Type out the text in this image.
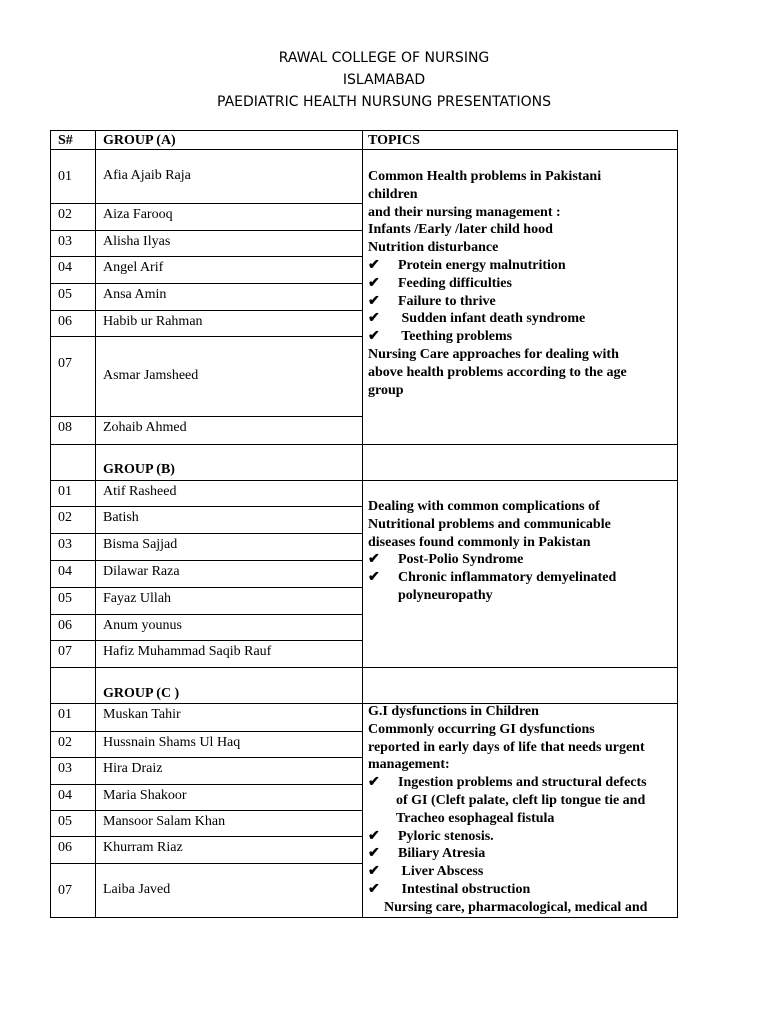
RAWAL COLLEGE OF NURSING
ISLAMABAD
PAEDIATRIC HEALTH NURSUNG PRESENTATIONS
S# GROUP (A)	TOPICS
GROUP (B)
GROUP (C )
Common Health problems in Pakistani
children
and their nursing management :
Infants /Early /later child hood
Nutrition disturbance
✔ Protein energy malnutrition
✔ Feeding difficulties
✔ Failure to thrive
✔ Sudden infant death syndrome
✔ Teething problems
Nursing Care approaches for dealing with
above health problems according to the age
group
Dealing with common complications of
Nutritional problems and communicable
diseases found commonly in Pakistan
✔ Post-Polio Syndrome
✔ Chronic inflammatory demyelinated
polyneuropathy
G.I dysfunctions in Children
Commonly occurring GI dysfunctions
reported in early days of life that needs urgent
management:
✔ Ingestion problems and structural defects
of GI (Cleft palate, cleft lip tongue tie and
Tracheo esophageal fistula
✔ Pyloric stenosis.
✔ Biliary Atresia
✔ Liver Abscess
✔ Intestinal obstruction
Nursing care, pharmacological, medical and
01 Afia Ajaib Raja
02 Aiza Farooq
03 Alisha Ilyas
04 Angel Arif
05 Ansa Amin
06 Habib ur Rahman
07
Asmar Jamsheed
08 Zohaib Ahmed
01 Atif Rasheed
02 Batish
03 Bisma Sajjad
04 Dilawar Raza
05 Fayaz Ullah
06 Anum younus
07 Hafiz Muhammad Saqib Rauf
01 Muskan Tahir
02 Hussnain Shams Ul Haq
03 Hira Draiz
04 Maria Shakoor
05 Mansoor Salam Khan
06 Khurram Riaz
07 Laiba Javed
